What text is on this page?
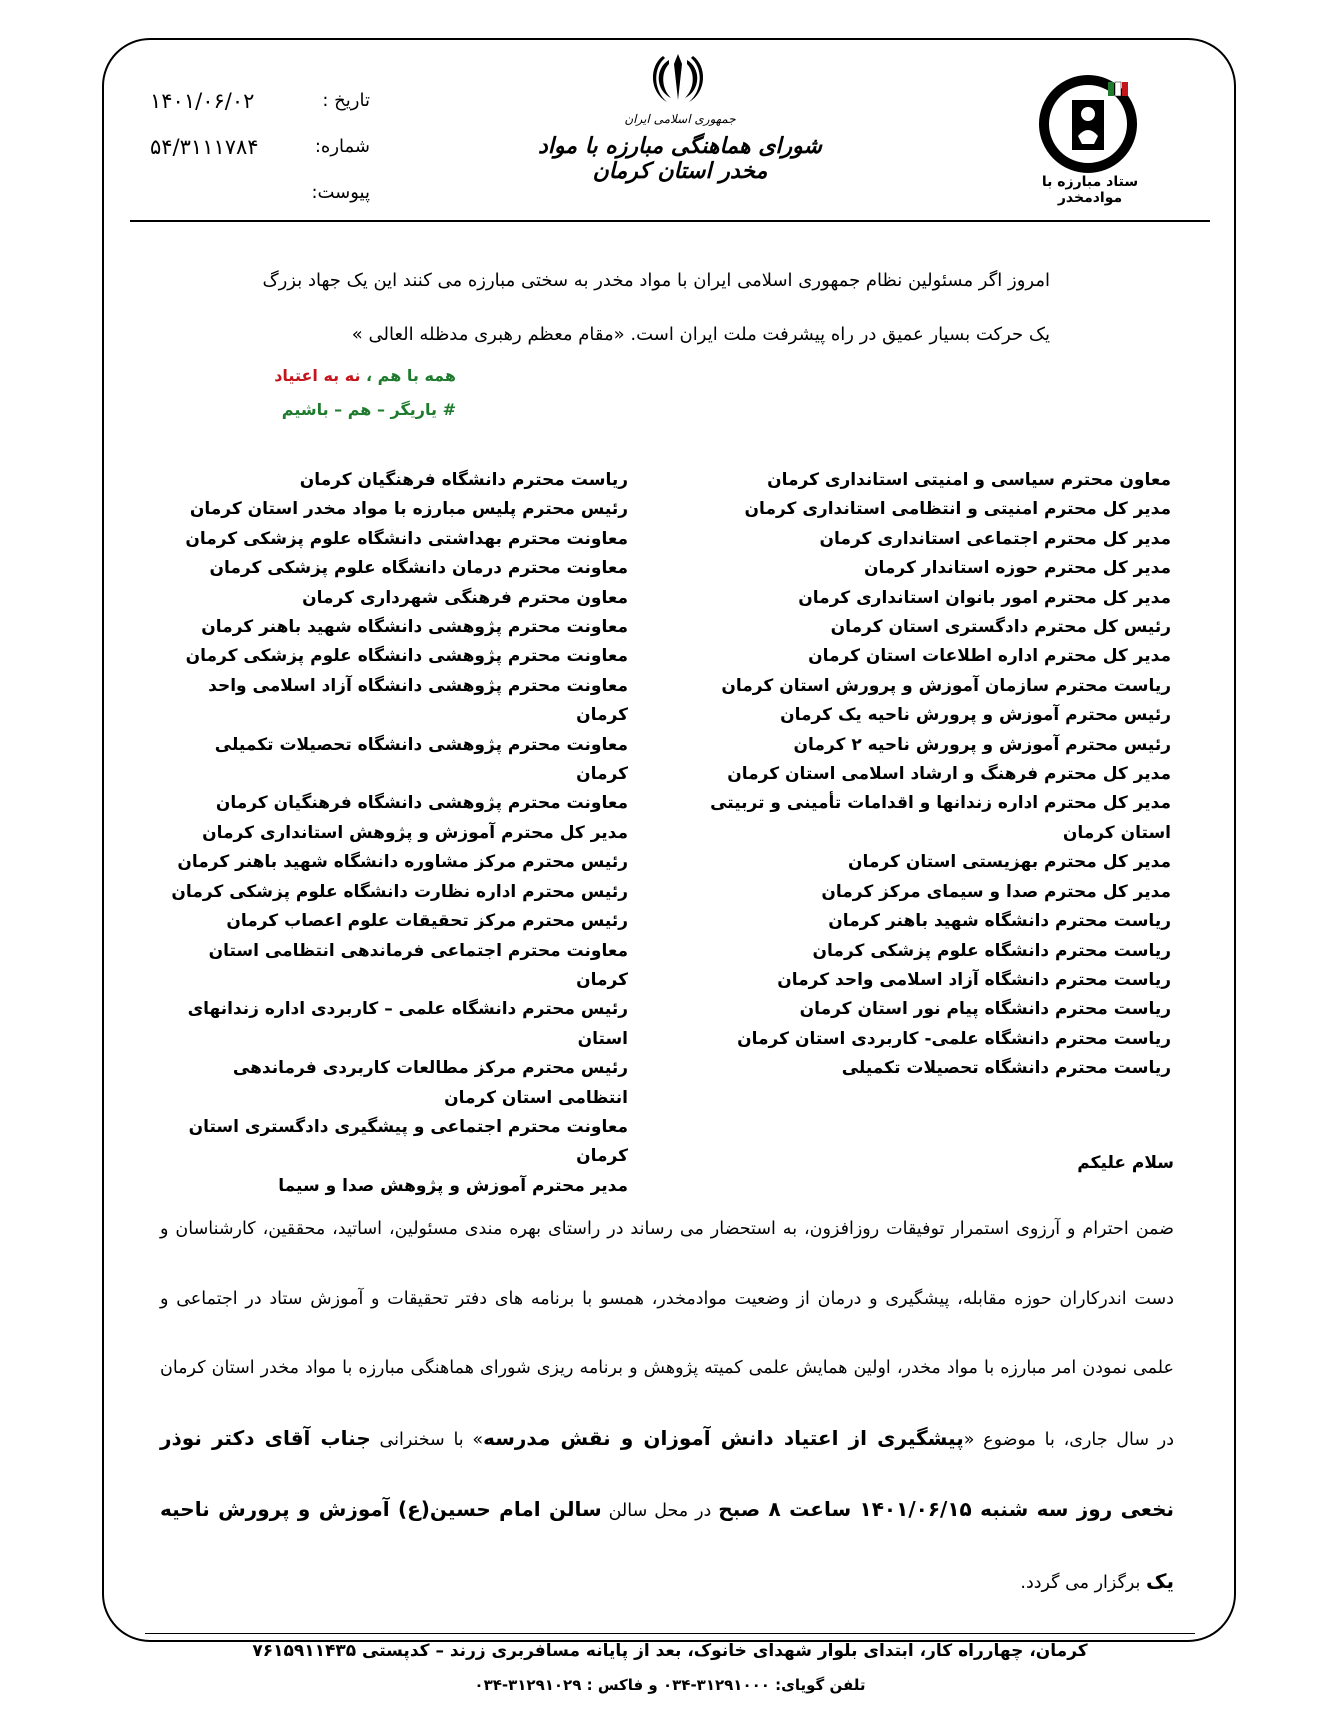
تاریخ :
۱۴۰۱/۰۶/۰۲
شماره:
۵۴/۳۱۱۱۷۸۴
پیوست:
جمهوری اسلامی ایران
شورای هماهنگی مبارزه با مواد مخدر استان کرمان	ستاد مبارزه با موادمخدر
امروز اگر مسئولین نظام جمهوری اسلامی ایران با مواد مخدر به سختی مبارزه می کنند این یک جهاد بزرگ
یک حرکت بسیار عمیق در راه پیشرفت ملت ایران است. «مقام معظم رهبری مدظله العالی »
همه با هم ، نه به اعتیاد
# یاریگر – هم – باشیم
معاون محترم سیاسی و امنیتی استانداری کرمان
مدیر کل محترم امنیتی و انتظامی استانداری کرمان
مدیر کل محترم اجتماعی استانداری کرمان
مدیر کل محترم حوزه استاندار کرمان
مدیر کل محترم امور بانوان استانداری کرمان
رئیس کل محترم دادگستری استان کرمان
مدیر کل محترم اداره اطلاعات استان کرمان
ریاست محترم سازمان آموزش و پرورش استان کرمان
رئیس محترم آموزش و پرورش ناحیه یک کرمان
رئیس محترم آموزش و پرورش ناحیه ۲ کرمان
مدیر کل محترم فرهنگ و ارشاد اسلامی استان کرمان
مدیر کل محترم اداره زندانها و اقدامات تأمینی و تربیتی استان کرمان
مدیر کل محترم بهزیستی استان کرمان
مدیر کل محترم صدا و سیمای مرکز کرمان
ریاست محترم دانشگاه شهید باهنر کرمان
ریاست محترم دانشگاه علوم پزشکی کرمان
ریاست محترم دانشگاه آزاد اسلامی واحد کرمان
ریاست محترم دانشگاه پیام نور استان کرمان
ریاست محترم دانشگاه علمی- کاربردی استان کرمان
ریاست محترم دانشگاه تحصیلات تکمیلی
ریاست محترم دانشگاه فرهنگیان کرمان
رئیس محترم پلیس مبارزه با مواد مخدر استان کرمان
معاونت محترم بهداشتی دانشگاه علوم پزشکی کرمان
معاونت محترم درمان دانشگاه علوم پزشکی کرمان
معاون محترم فرهنگی شهرداری کرمان
معاونت محترم پژوهشی دانشگاه شهید باهنر کرمان
معاونت محترم پژوهشی دانشگاه علوم پزشکی کرمان
معاونت محترم پژوهشی دانشگاه آزاد اسلامی واحد کرمان
معاونت محترم پژوهشی دانشگاه تحصیلات تکمیلی کرمان
معاونت محترم پژوهشی دانشگاه فرهنگیان کرمان
مدیر کل محترم آموزش و پژوهش استانداری کرمان
رئیس محترم مرکز مشاوره دانشگاه شهید باهنر کرمان
رئیس محترم اداره نظارت دانشگاه علوم پزشکی کرمان
رئیس محترم مرکز تحقیقات علوم اعصاب کرمان
معاونت محترم اجتماعی فرماندهی انتظامی استان کرمان
رئیس محترم دانشگاه علمی – کاربردی اداره زندانهای استان
رئیس محترم مرکز مطالعات کاربردی فرماندهی انتظامی استان کرمان
معاونت محترم اجتماعی و پیشگیری دادگستری استان کرمان
مدیر محترم آموزش و پژوهش صدا و سیما
سلام علیکم
ضمن احترام و آرزوی استمرار توفیقات روزافزون، به استحضار می رساند در راستای بهره مندی مسئولین، اساتید، محققین، کارشناسان و دست اندرکاران حوزه مقابله، پیشگیری و درمان از وضعیت موادمخدر، همسو با برنامه های دفتر تحقیقات و آموزش ستاد در اجتماعی و علمی نمودن امر مبارزه با مواد مخدر، اولین همایش علمی کمیته پژوهش و برنامه ریزی شورای هماهنگی مبارزه با مواد مخدر استان کرمان در سال جاری، با موضوع «پیشگیری از اعتیاد دانش آموزان و نقش مدرسه» با سخنرانی جناب آقای دکتر نوذر نخعی روز سه شنبه ۱۴۰۱/۰۶/۱۵ ساعت ۸ صبح در محل سالن سالن امام حسین(ع) آموزش و پرورش ناحیه یک برگزار می گردد.
کرمان، چهارراه کار، ابتدای بلوار شهدای خانوک، بعد از پایانه مسافربری زرند – کدپستی ۷۶۱۵۹۱۱۴۳۵
تلفن گویای: ۳۱۲۹۱۰۰۰-۰۳۴ و فاکس : ۳۱۲۹۱۰۲۹-۰۳۴
